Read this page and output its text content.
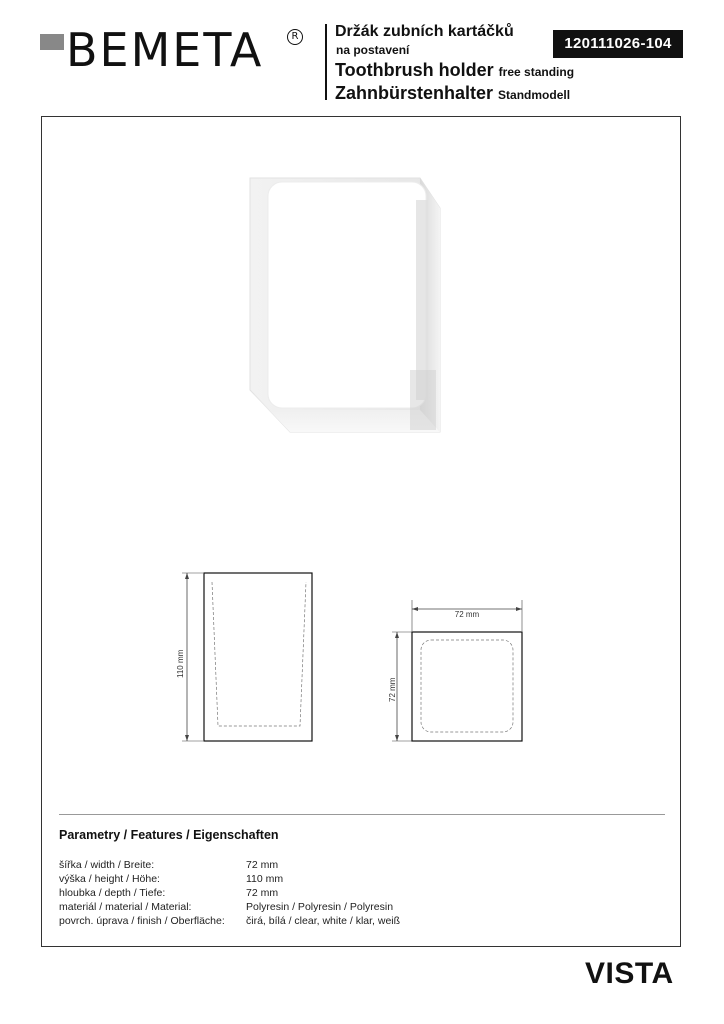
BEMETA	R Držák zubních kartáčků
na postavení
Toothbrush holder free standing
Zahnbürstenhalter Standmodell
120111026-104
110 mm
72 mm
72 mm
Parametry / Features / Eigenschaften
šířka / width / Breite:	72 mm
výška / height / Höhe:	110 mm
hloubka / depth / Tiefe:	72 mm
materiál / material / Material:	Polyresin / Polyresin / Polyresin
povrch. úprava / finish / Oberfläche: čirá, bílá / clear, white / klar, weiß
VISTA
